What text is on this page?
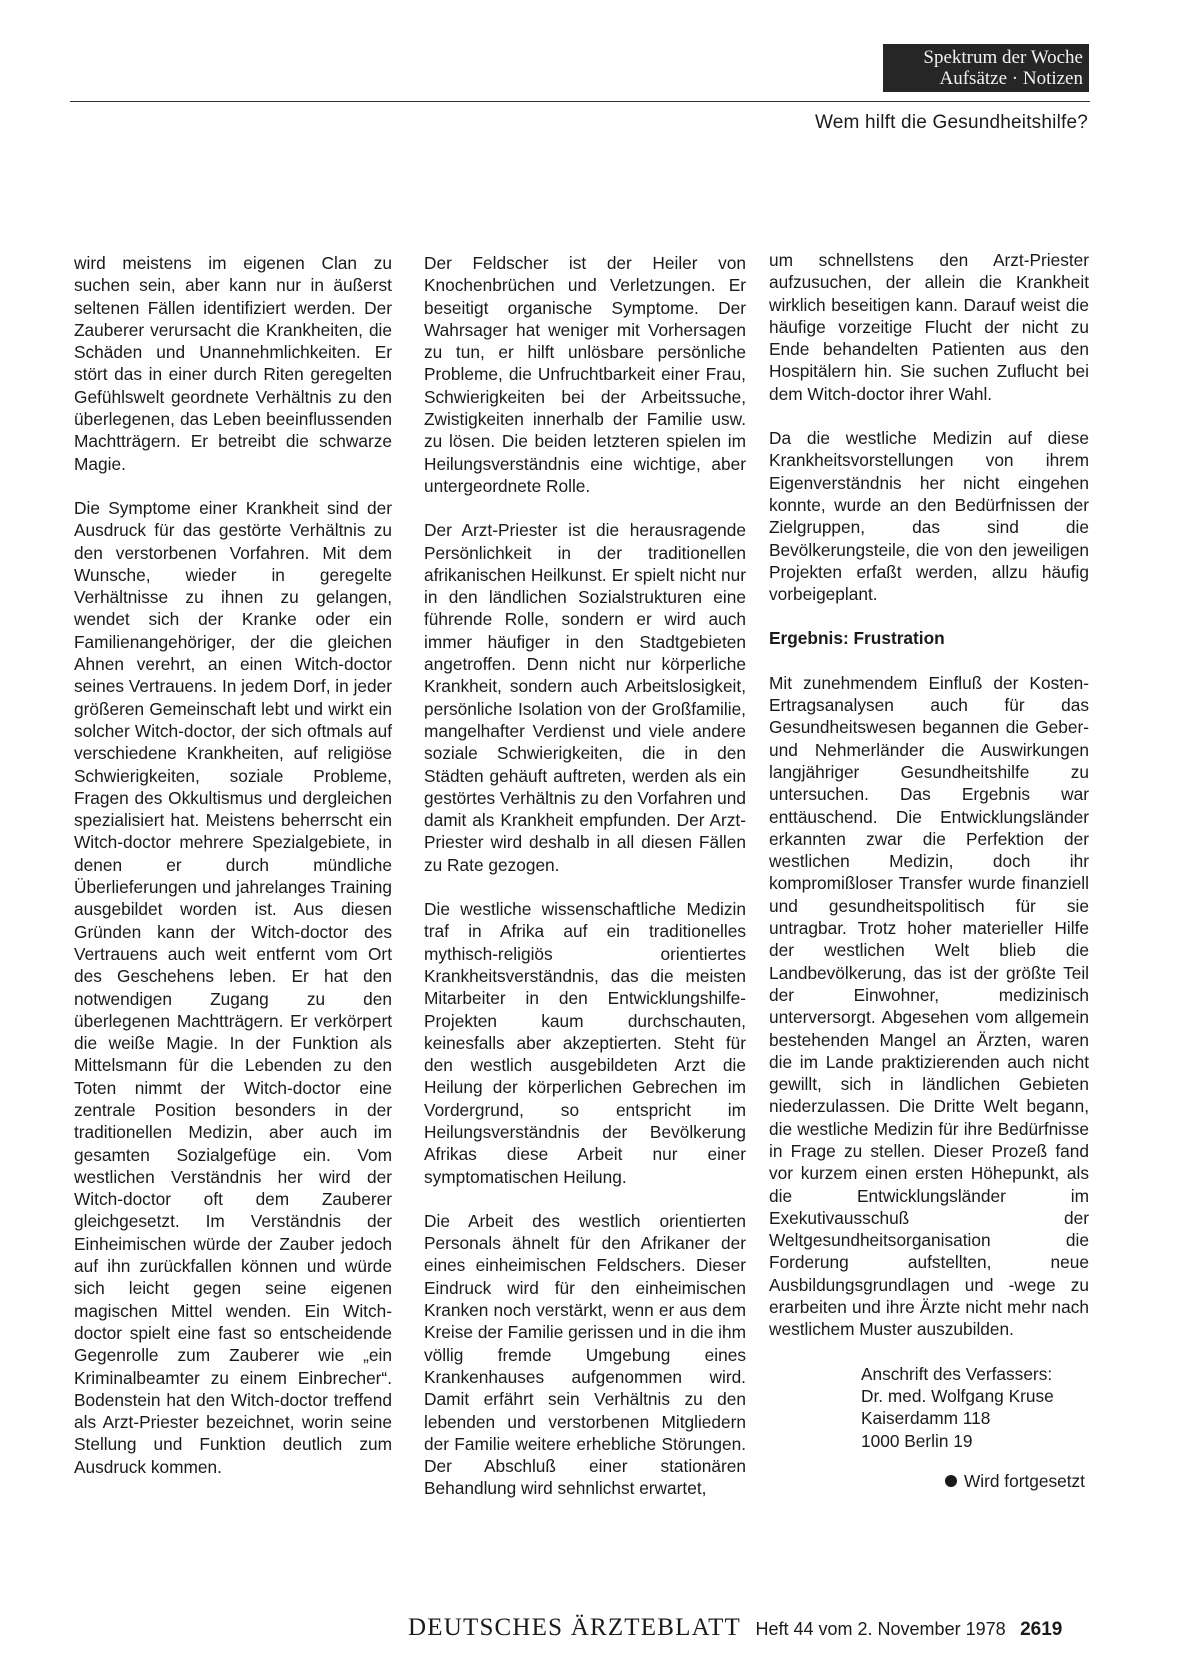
Spektrum der Woche
Aufsätze · Notizen
Wem hilft die Gesundheitshilfe?

wird meistens im eigenen Clan zu suchen sein, aber kann nur in äußerst seltenen Fällen identifiziert werden. Der Zauberer verursacht die Krankheiten, die Schäden und Unannehmlichkeiten. Er stört das in einer durch Riten geregelten Gefühlswelt geordnete Verhältnis zu den überlegenen, das Leben beeinflussenden Machtträgern. Er betreibt die schwarze Magie.

Die Symptome einer Krankheit sind der Ausdruck für das gestörte Verhältnis zu den verstorbenen Vorfahren. Mit dem Wunsche, wieder in geregelte Verhältnisse zu ihnen zu gelangen, wendet sich der Kranke oder ein Familienangehöriger, der die gleichen Ahnen verehrt, an einen Witch-doctor seines Vertrauens. In jedem Dorf, in jeder größeren Gemeinschaft lebt und wirkt ein solcher Witch-doctor, der sich oftmals auf verschiedene Krankheiten, auf religiöse Schwierigkeiten, soziale Probleme, Fragen des Okkultismus und dergleichen spezialisiert hat. Meistens beherrscht ein Witch-doctor mehrere Spezialgebiete, in denen er durch mündliche Überlieferungen und jahrelanges Training ausgebildet worden ist. Aus diesen Gründen kann der Witch-doctor des Vertrauens auch weit entfernt vom Ort des Geschehens leben. Er hat den notwendigen Zugang zu den überlegenen Machtträgern. Er verkörpert die weiße Magie. In der Funktion als Mittelsmann für die Lebenden zu den Toten nimmt der Witch-doctor eine zentrale Position besonders in der traditionellen Medizin, aber auch im gesamten Sozialgefüge ein. Vom westlichen Verständnis her wird der Witch-doctor oft dem Zauberer gleichgesetzt. Im Verständnis der Einheimischen würde der Zauber jedoch auf ihn zurückfallen können und würde sich leicht gegen seine eigenen magischen Mittel wenden. Ein Witch-doctor spielt eine fast so entscheidende Gegenrolle zum Zauberer wie „ein Kriminalbeamter zu einem Einbrecher“. Bodenstein hat den Witch-doctor treffend als Arzt-Priester bezeichnet, worin seine Stellung und Funktion deutlich zum Ausdruck kommen.

Der Feldscher ist der Heiler von Knochenbrüchen und Verletzungen. Er beseitigt organische Symptome. Der Wahrsager hat weniger mit Vorhersagen zu tun, er hilft unlösbare persönliche Probleme, die Unfruchtbarkeit einer Frau, Schwierigkeiten bei der Arbeitssuche, Zwistigkeiten innerhalb der Familie usw. zu lösen. Die beiden letzteren spielen im Heilungsverständnis eine wichtige, aber untergeordnete Rolle.

Der Arzt-Priester ist die herausragende Persönlichkeit in der traditionellen afrikanischen Heilkunst. Er spielt nicht nur in den ländlichen Sozialstrukturen eine führende Rolle, sondern er wird auch immer häufiger in den Stadtgebieten angetroffen. Denn nicht nur körperliche Krankheit, sondern auch Arbeitslosigkeit, persönliche Isolation von der Großfamilie, mangelhafter Verdienst und viele andere soziale Schwierigkeiten, die in den Städten gehäuft auftreten, werden als ein gestörtes Verhältnis zu den Vorfahren und damit als Krankheit empfunden. Der Arzt-Priester wird deshalb in all diesen Fällen zu Rate gezogen.

Die westliche wissenschaftliche Medizin traf in Afrika auf ein traditionelles mythisch-religiös orientiertes Krankheitsverständnis, das die meisten Mitarbeiter in den Entwicklungshilfe-Projekten kaum durchschauten, keinesfalls aber akzeptierten. Steht für den westlich ausgebildeten Arzt die Heilung der körperlichen Gebrechen im Vordergrund, so entspricht im Heilungsverständnis der Bevölkerung Afrikas diese Arbeit nur einer symptomatischen Heilung.

Die Arbeit des westlich orientierten Personals ähnelt für den Afrikaner der eines einheimischen Feldschers. Dieser Eindruck wird für den einheimischen Kranken noch verstärkt, wenn er aus dem Kreise der Familie gerissen und in die ihm völlig fremde Umgebung eines Krankenhauses aufgenommen wird. Damit erfährt sein Verhältnis zu den lebenden und verstorbenen Mitgliedern der Familie weitere erhebliche Störungen. Der Abschluß einer stationären Behandlung wird sehnlichst erwartet,

um schnellstens den Arzt-Priester aufzusuchen, der allein die Krankheit wirklich beseitigen kann. Darauf weist die häufige vorzeitige Flucht der nicht zu Ende behandelten Patienten aus den Hospitälern hin. Sie suchen Zuflucht bei dem Witch-doctor ihrer Wahl.

Da die westliche Medizin auf diese Krankheitsvorstellungen von ihrem Eigenverständnis her nicht eingehen konnte, wurde an den Bedürfnissen der Zielgruppen, das sind die Bevölkerungsteile, die von den jeweiligen Projekten erfaßt werden, allzu häufig vorbeigeplant.

Ergebnis: Frustration

Mit zunehmendem Einfluß der Kosten-Ertragsanalysen auch für das Gesundheitswesen begannen die Geber- und Nehmerländer die Auswirkungen langjähriger Gesundheitshilfe zu untersuchen. Das Ergebnis war enttäuschend. Die Entwicklungsländer erkannten zwar die Perfektion der westlichen Medizin, doch ihr kompromißloser Transfer wurde finanziell und gesundheitspolitisch für sie untragbar. Trotz hoher materieller Hilfe der westlichen Welt blieb die Landbevölkerung, das ist der größte Teil der Einwohner, medizinisch unterversorgt. Abgesehen vom allgemein bestehenden Mangel an Ärzten, waren die im Lande praktizierenden auch nicht gewillt, sich in ländlichen Gebieten niederzulassen. Die Dritte Welt begann, die westliche Medizin für ihre Bedürfnisse in Frage zu stellen. Dieser Prozeß fand vor kurzem einen ersten Höhepunkt, als die Entwicklungsländer im Exekutivausschuß der Weltgesundheitsorganisation die Forderung aufstellten, neue Ausbildungsgrundlagen und -wege zu erarbeiten und ihre Ärzte nicht mehr nach westlichem Muster auszubilden.

Anschrift des Verfassers:
Dr. med. Wolfgang Kruse
Kaiserdamm 118
1000 Berlin 19
Wird fortgesetzt
DEUTSCHES ÄRZTEBLATT Heft 44 vom 2. November 1978 2619
